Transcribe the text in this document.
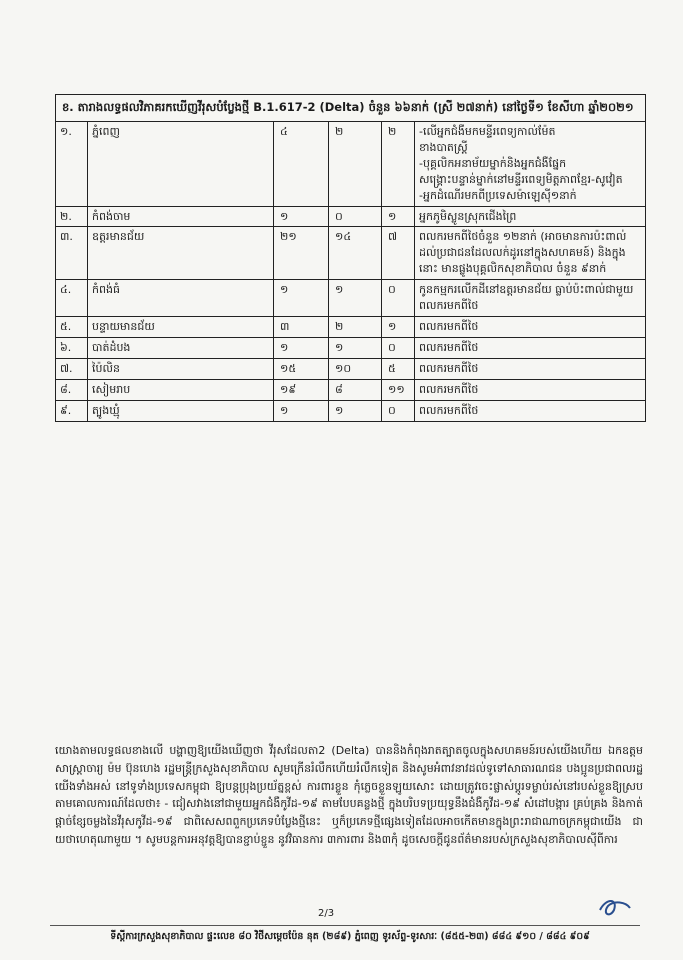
ខ. តារាងលទ្ធផលវិភាគរកឃើញវីរុសបំប្លែងថ្មី B.1.617-2 (Delta) ចំនួន ៦៦នាក់ (ស្រី ២៧នាក់) នៅថ្ងៃទី១ ខែសីហា ឆ្នាំ២០២១					
១.	ភ្នំពេញ	៤	២	២	-លើអ្នកជំងឺមកមន្ទីរពេទ្យកាល់ម៉ែត
ខាងបាតស្រ្តី
-បុគ្គលិកអនាម័យម្នាក់និងអ្នកជំងឺផ្នែក
សង្គ្រោះបន្ទាន់ម្នាក់នៅមន្ទីរពេទ្យមិត្តភាពខ្មែរ-សូវៀត
-អ្នកដំណើរមកពីប្រទេសម៉ាឡេស៊ី១នាក់
២.	កំពង់ចាម	១	០	១	អ្នកភូមិស្លូនស្រុកជើងព្រៃ
៣.	ឧត្តរមានជ័យ	២១	១៤	៧	ពលករមកពីថៃចំនួន ១២នាក់ (អាចមានការប៉ះពាល់ដល់ប្រជាជនដែលលក់ដូរនៅក្នុងសហគមន៍) និងក្នុងនោះ មានផ្លូងបុគ្គលិកសុខាភិបាល ចំនួន ៩នាក់
៤.	កំពង់ធំ	១	១	០	កូនកម្មករលើកដីនៅឧត្តរមានជ័យ ធ្លាប់ប៉ះពាល់ជាមួយពលករមកពីថៃ
៥.	បន្ទាយមានជ័យ	៣	២	១	ពលករមកពីថៃ
៦.	បាត់ដំបង	១	១	០	ពលករមកពីថៃ
៧.	ប៉ៃលិន	១៥	១០	៥	ពលករមកពីថៃ
៨.	សៀមរាប	១៩	៨	១១	ពលករមកពីថៃ
៩.	ត្បូងឃ្មុំ	១	១	០	ពលករមកពីថៃ
យោងតាមលទ្ធផលខាងលើ បង្ហាញឱ្យយើងឃើញថា វីរុសដែលតា2 (Delta) បាននិងកំពុងរាតត្បាតចូលក្នុងសហគមន៍របស់យើងហើយ ឯកឧត្តមសាស្ត្រាចារ្យ ម៉ម ប៊ុនហេង រដ្ឋមន្ត្រីក្រសួងសុខាភិបាល សូមក្រើនរំលឹកហើយរំលឹកទៀត និងសូមអំពាវនាវដល់ទូទៅសាធារណជន បងប្អូនប្រជាពលរដ្ឋយើងទាំងអស់ នៅទូទាំងប្រទេសកម្ពុជា ឱ្យបន្តប្រុងប្រយ័ត្នខ្ពស់ ការពារខ្លួន កុំភ្លេចខ្លួនឡូយសោះ ដោយត្រូវចេះផ្លាស់ប្តូរទម្លាប់រស់នៅរបស់ខ្លួនឱ្យស្របតាមគោលការណ៍ដែលថា៖ - ជៀសវាងនៅជាមួយអ្នកជំងឺកូវីដ-១៩ តាមបែបគន្លងថ្មី ក្នុងបរិបទប្រយុទ្ធនឹងជំងឺកូវីដ-១៩ សំដៅបង្ការ គ្រប់គ្រង និងកាត់ផ្តាច់ខ្សែចម្លងនៃវីរុសកូវីដ-១៩ ជាពិសេសពពួកប្រភេទបំប្លែងថ្មីនេះ ឬក៏ប្រភេទថ្មីផ្សេងទៀតដែលអាចកើតមានក្នុងព្រះរាជាណាចក្រកម្ពុជាយើង ជាយថាហេតុណាមួយ ។ សូមបន្តការអនុវត្តឱ្យបានខ្ជាប់ខ្ជួន នូវវិធានការ ៣ការពារ និង៣កុំ ដូចសេចក្តីជូនព័ត៌មានរបស់ក្រសួងសុខាភិបាលស៊ីពីការ
2/3
ទីស្តីការក្រសួងសុខាភិបាល ផ្ទះលេខ ៨០ វិថីសម្តេចប៉ែន នុត (២៨៩) ភ្នំពេញ ទូរស័ព្ទ-ទូរសារៈ (៨៥៥-២៣) ៨៨៤ ៩១០ / ៨៨៤ ៩០៩
